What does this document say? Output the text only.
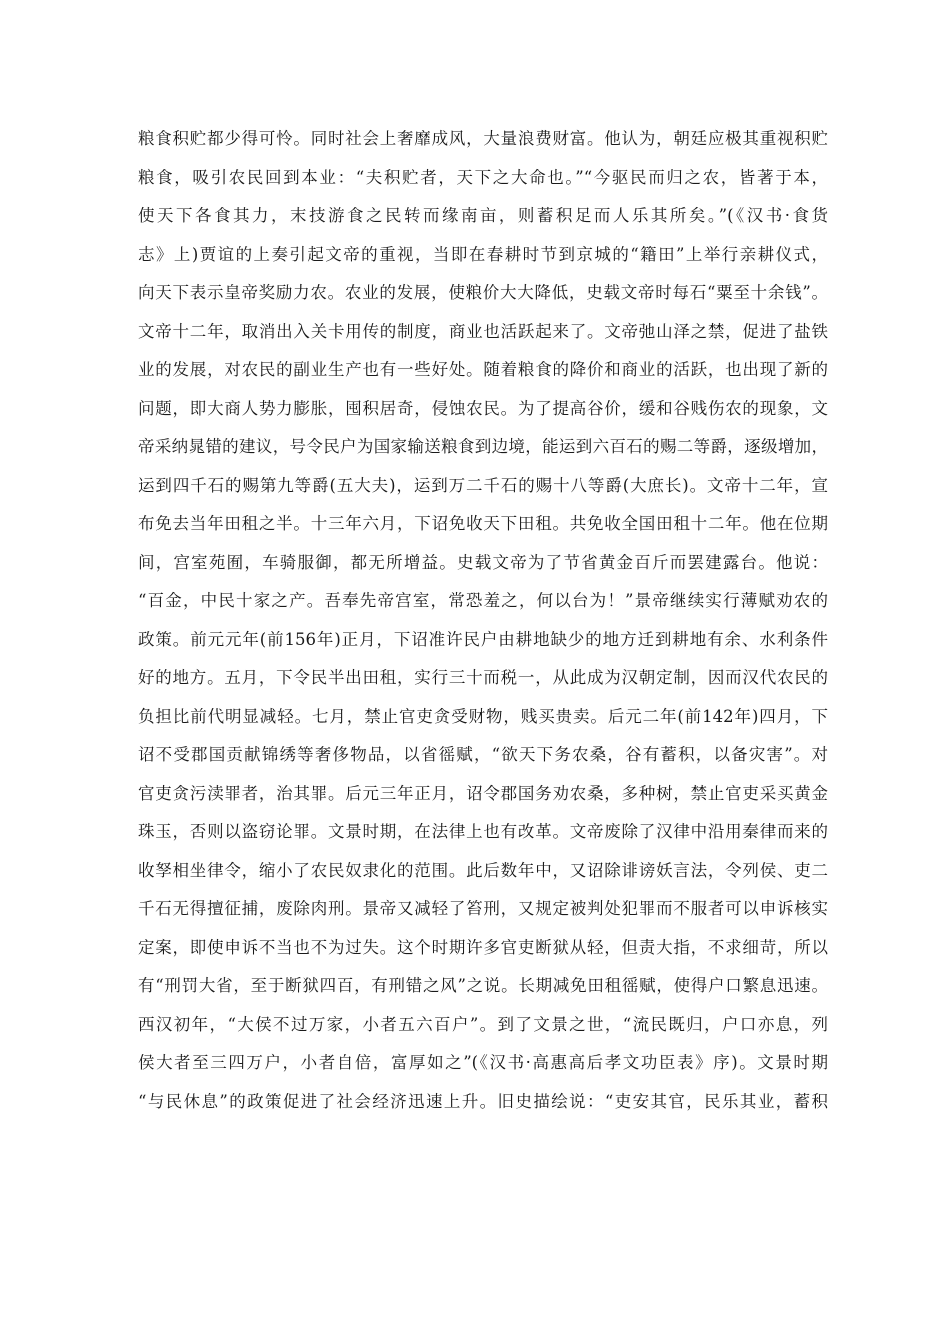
粮食积贮都少得可怜。同时社会上奢靡成风，大量浪费财富。他认为，朝廷应极其重视积贮
粮食，吸引农民回到本业：“夫积贮者，天下之大命也。”“今驱民而归之农，皆著于本，
使天下各食其力，末技游食之民转而缘南亩，则蓄积足而人乐其所矣。”(《汉书·食货
志》上)贾谊的上奏引起文帝的重视，当即在春耕时节到京城的“籍田”上举行亲耕仪式，
向天下表示皇帝奖励力农。农业的发展，使粮价大大降低，史载文帝时每石“粟至十余钱”。
文帝十二年，取消出入关卡用传的制度，商业也活跃起来了。文帝弛山泽之禁，促进了盐铁
业的发展，对农民的副业生产也有一些好处。随着粮食的降价和商业的活跃，也出现了新的
问题，即大商人势力膨胀，囤积居奇，侵蚀农民。为了提高谷价，缓和谷贱伤农的现象，文
帝采纳晁错的建议，号令民户为国家输送粮食到边境，能运到六百石的赐二等爵，逐级增加，
运到四千石的赐第九等爵(五大夫)，运到万二千石的赐十八等爵(大庶长)。文帝十二年，宣
布免去当年田租之半。十三年六月，下诏免收天下田租。共免收全国田租十二年。他在位期
间，宫室苑囿，车骑服御，都无所增益。史载文帝为了节省黄金百斤而罢建露台。他说：
“百金，中民十家之产。吾奉先帝宫室，常恐羞之，何以台为！”景帝继续实行薄赋劝农的
政策。前元元年(前156年)正月，下诏准许民户由耕地缺少的地方迁到耕地有余、水利条件
好的地方。五月，下令民半出田租，实行三十而税一，从此成为汉朝定制，因而汉代农民的
负担比前代明显减轻。七月，禁止官吏贪受财物，贱买贵卖。后元二年(前142年)四月，下
诏不受郡国贡献锦绣等奢侈物品，以省徭赋，“欲天下务农桑，谷有蓄积，以备灾害”。对
官吏贪污渎罪者，治其罪。后元三年正月，诏令郡国务劝农桑，多种树，禁止官吏采买黄金
珠玉，否则以盗窃论罪。文景时期，在法律上也有改革。文帝废除了汉律中沿用秦律而来的
收孥相坐律令，缩小了农民奴隶化的范围。此后数年中，又诏除诽谤妖言法，令列侯、吏二
千石无得擅征捕，废除肉刑。景帝又减轻了笞刑，又规定被判处犯罪而不服者可以申诉核实
定案，即使申诉不当也不为过失。这个时期许多官吏断狱从轻，但责大指，不求细苛，所以
有“刑罚大省，至于断狱四百，有刑错之风”之说。长期减免田租徭赋，使得户口繁息迅速。
西汉初年，“大侯不过万家，小者五六百户”。到了文景之世，“流民既归，户口亦息，列
侯大者至三四万户，小者自倍，富厚如之”(《汉书·高惠高后孝文功臣表》序)。文景时期
“与民休息”的政策促进了社会经济迅速上升。旧史描绘说：“吏安其官，民乐其业，蓄积
